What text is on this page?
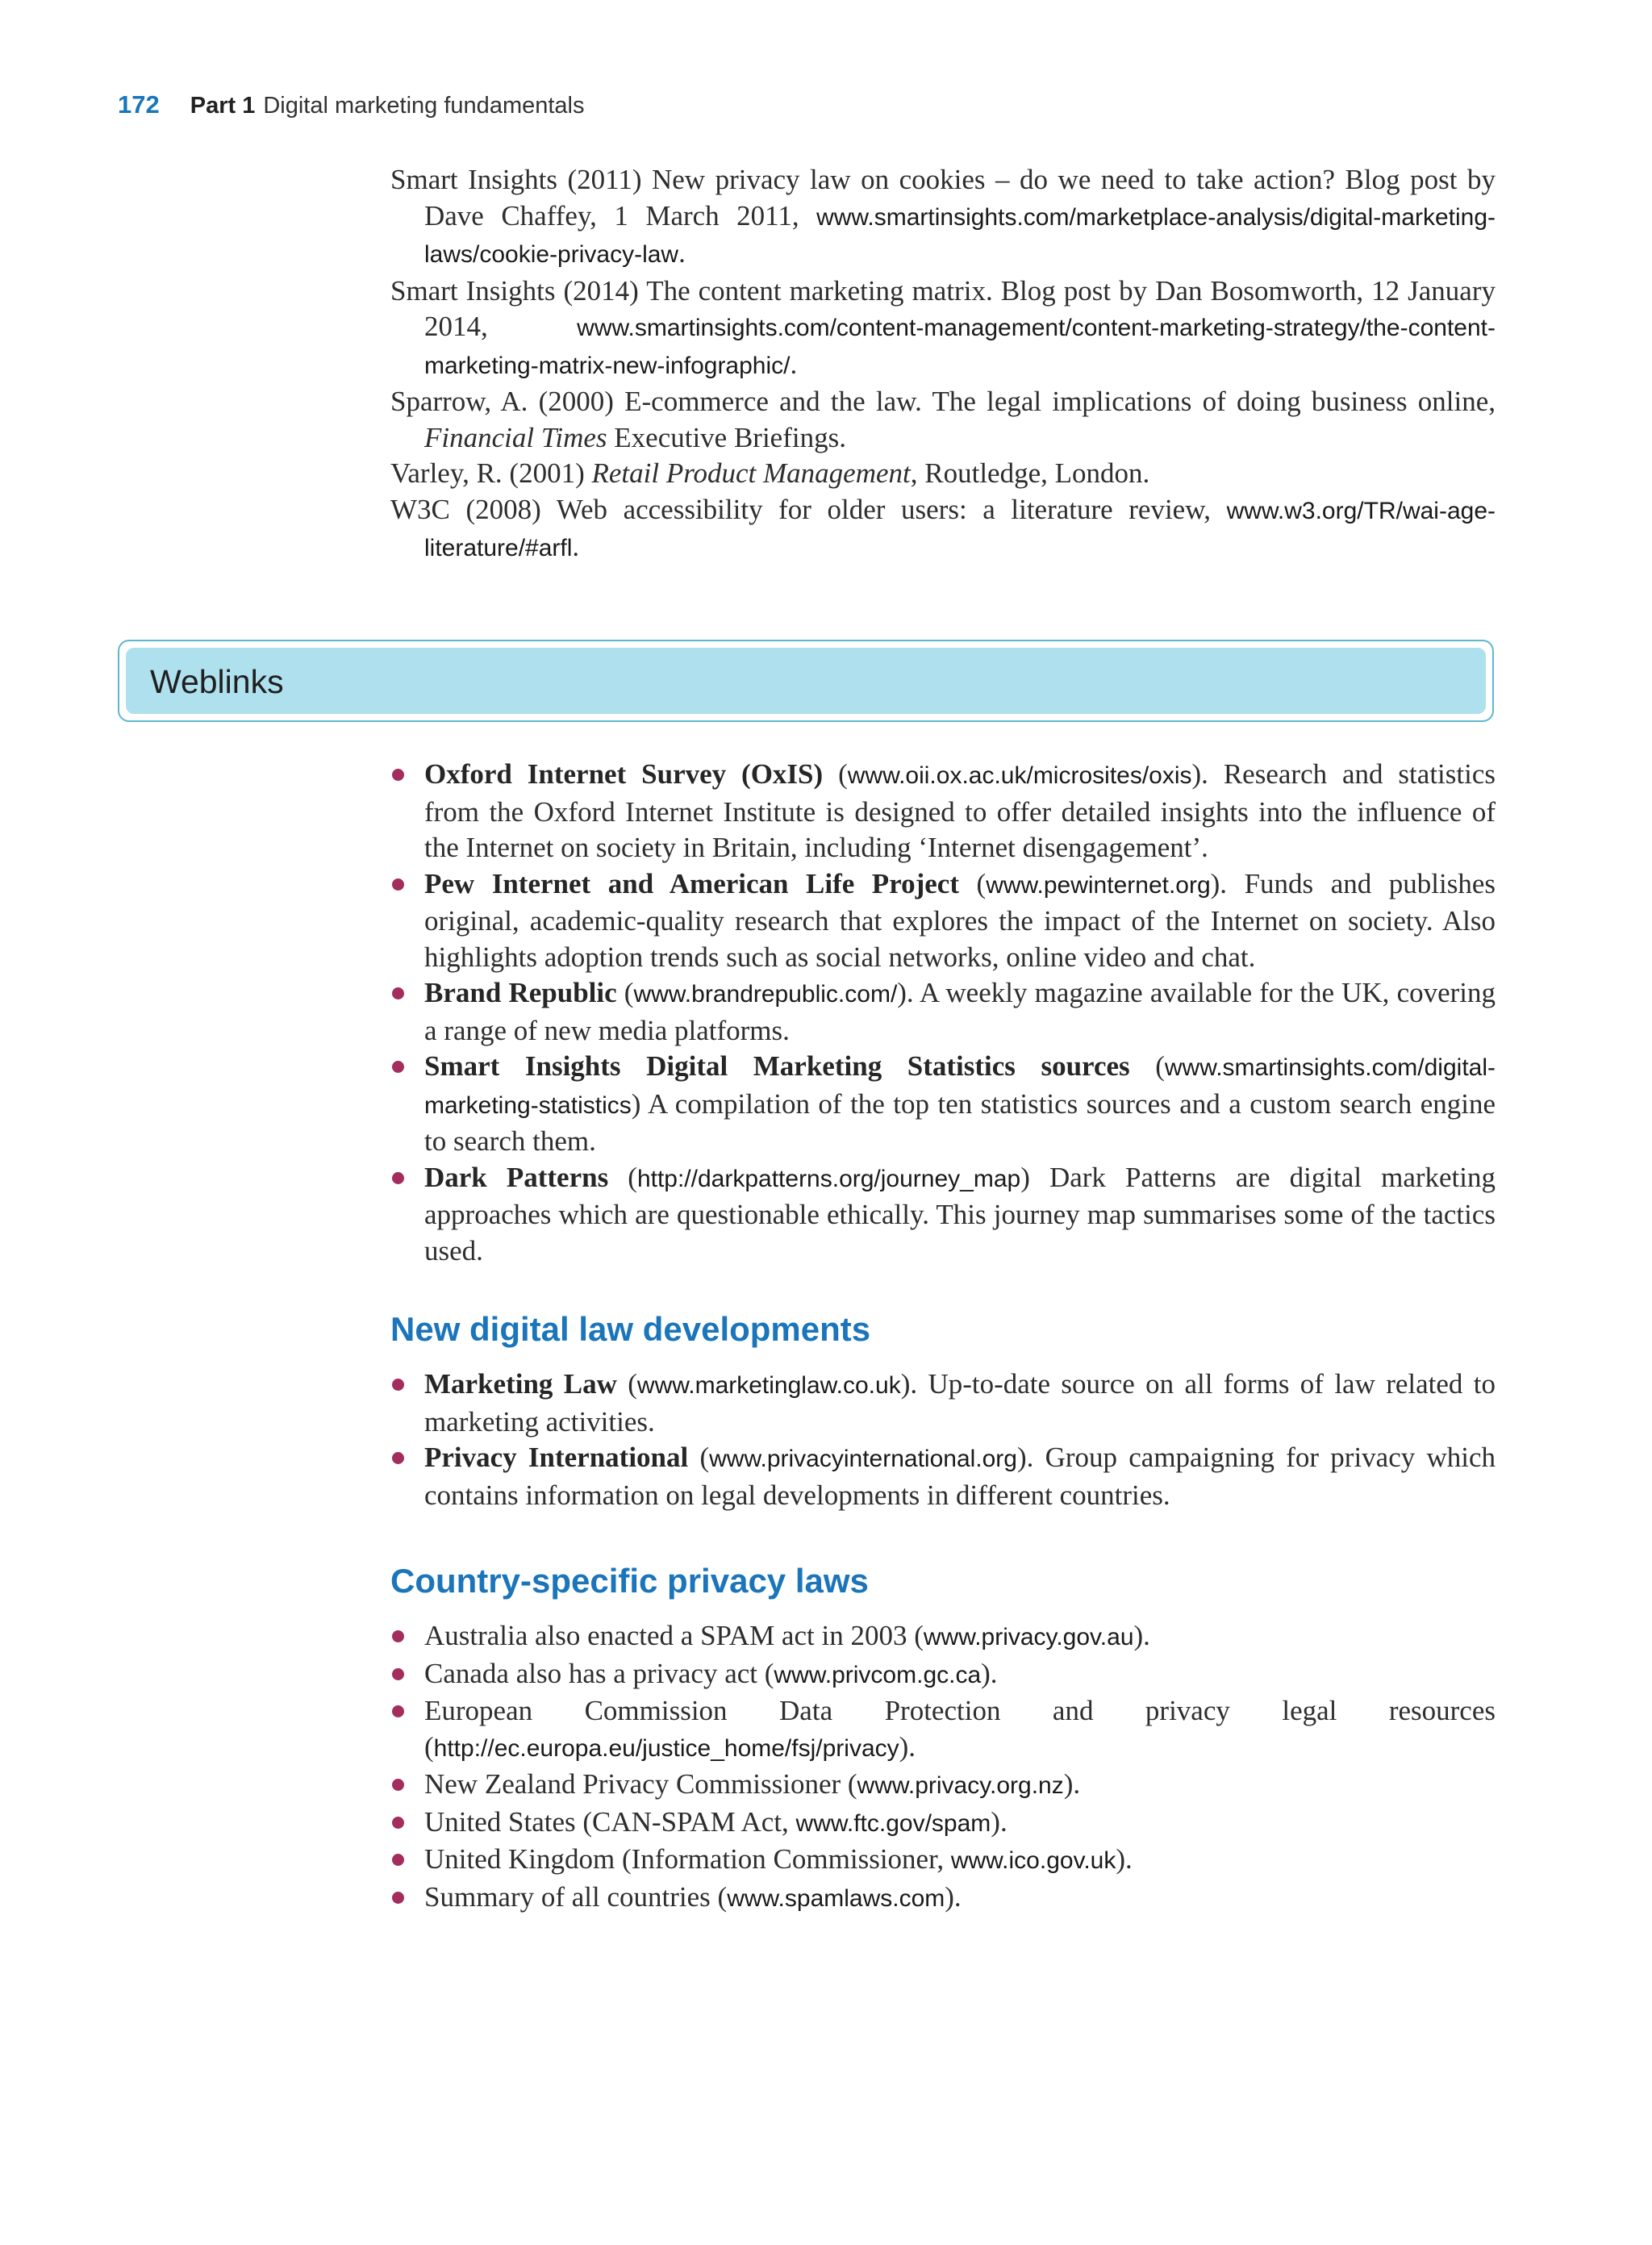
172 Part 1 Digital marketing fundamentals

Smart Insights (2011) New privacy law on cookies – do we need to take action? Blog post by Dave Chaffey, 1 March 2011, www.smartinsights.com/marketplace-analysis/digital-marketing-laws/cookie-privacy-law.

Smart Insights (2014) The content marketing matrix. Blog post by Dan Bosomworth, 12 January 2014, www.smartinsights.com/content-management/content-marketing-strategy/the-content-marketing-matrix-new-infographic/.

Sparrow, A. (2000) E-commerce and the law. The legal implications of doing business online, Financial Times Executive Briefings.

Varley, R. (2001) Retail Product Management, Routledge, London.

W3C (2008) Web accessibility for older users: a literature review, www.w3.org/TR/wai-age-literature/#arfl.

Weblinks
Oxford Internet Survey (OxIS) (www.oii.ox.ac.uk/microsites/oxis). Research and statistics from the Oxford Internet Institute is designed to offer detailed insights into the influence of the Internet on society in Britain, including ‘Internet disengagement’.
Pew Internet and American Life Project (www.pewinternet.org). Funds and publishes original, academic-quality research that explores the impact of the Internet on society. Also highlights adoption trends such as social networks, online video and chat.
Brand Republic (www.brandrepublic.com/). A weekly magazine available for the UK, covering a range of new media platforms.
Smart Insights Digital Marketing Statistics sources (www.smartinsights.com/digital-marketing-statistics) A compilation of the top ten statistics sources and a custom search engine to search them.
Dark Patterns (http://darkpatterns.org/journey_map) Dark Patterns are digital marketing approaches which are questionable ethically. This journey map summarises some of the tactics used.
New digital law developments
Marketing Law (www.marketinglaw.co.uk). Up-to-date source on all forms of law related to marketing activities.
Privacy International (www.privacyinternational.org). Group campaigning for privacy which contains information on legal developments in different countries.
Country-specific privacy laws
Australia also enacted a SPAM act in 2003 (www.privacy.gov.au).
Canada also has a privacy act (www.privcom.gc.ca).
European Commission Data Protection and privacy legal resources (http://ec.europa.eu/justice_home/fsj/privacy).
New Zealand Privacy Commissioner (www.privacy.org.nz).
United States (CAN-SPAM Act, www.ftc.gov/spam).
United Kingdom (Information Commissioner, www.ico.gov.uk).
Summary of all countries (www.spamlaws.com).
